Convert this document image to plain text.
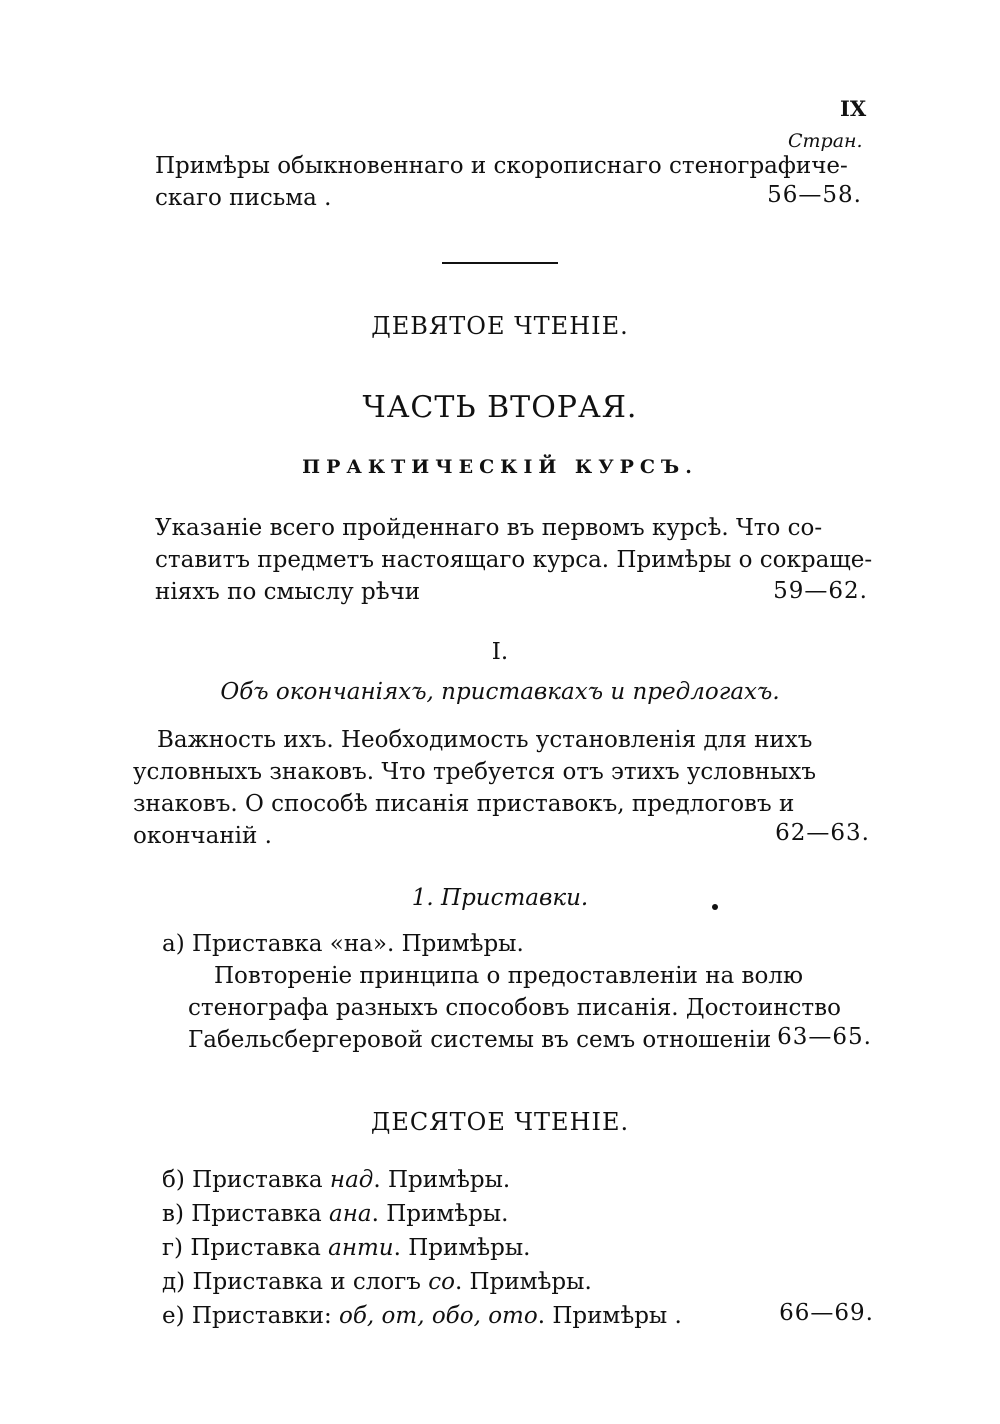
IX
Стран.
Примѣры обыкновеннаго и скорописнаго стенографиче-
скаго письма .	56—58.
ДЕВЯТОЕ ЧТЕНІЕ.
ЧАСТЬ ВТОРАЯ.
ПРАКТИЧЕСКІЙ КУРСЪ.
Указаніе всего пройденнаго въ первомъ курсѣ. Что со-
ставитъ предметъ настоящаго курса. Примѣры о сокраще-
ніяхъ по смыслу рѣчи	59—62.
I.
Объ окончаніяхъ, приставкахъ и предлогахъ.
Важность ихъ. Необходимость установленія для нихъ
условныхъ знаковъ. Что требуется отъ этихъ условныхъ
знаковъ. О способѣ писанія приставокъ, предлоговъ и
окончаній .	62—63.
1. Приставки.
а) Приставка «на». Примѣры.
Повтореніе принципа о предоставленіи на волю
стенографа разныхъ способовъ писанія. Достоинство
Габельсбергеровой системы въ семъ отношеніи 63—65.
ДЕСЯТОЕ ЧТЕНІЕ.
б) Приставка над. Примѣры.
в) Приставка ана. Примѣры.
г) Приставка анти. Примѣры.
д) Приставка и слогъ со. Примѣры.
е) Приставки: об, от, обо, ото. Примѣры .	66—69.
